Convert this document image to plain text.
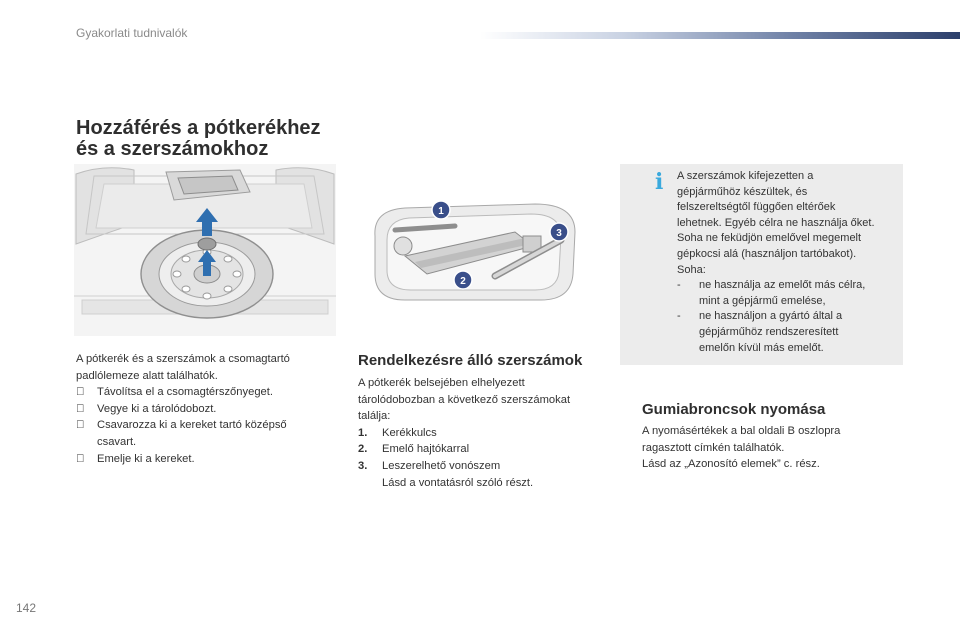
Gyakorlati tudnivalók
Hozzáférés a pótkerékhez
és a szerszámokhoz
1
2
3
A pótkerék és a szerszámok a csomagtartó
padlólemeze alatt találhatók.
Távolítsa el a csomagtérszőnyeget.
Vegye ki a tárolódobozt.
Csavarozza ki a kereket tartó középső
csavart.
Emelje ki a kereket.
Rendelkezésre álló szerszámok
A pótkerék belsejében elhelyezett
tárolódobozban a következő szerszámokat
találja:
1.	Kerékkulcs
2.	Emelő hajtókarral
3.	Leszerelhető vonószem
Lásd a vontatásról szóló részt.
i A szerszámok kifejezetten a
gépjárműhöz készültek, és
felszereltségtől függően eltérőek
lehetnek. Egyéb célra ne használja őket.
Soha ne feküdjön emelővel megemelt
gépkocsi alá (használjon tartóbakot).
Soha:
-	ne használja az emelőt más célra,
mint a gépjármű emelése,
-	ne használjon a gyártó által a
gépjárműhöz rendszeresített
emelőn kívül más emelőt.
Gumiabroncsok nyomása
A nyomásértékek a bal oldali B oszlopra
ragasztott címkén találhatók.
Lásd az „Azonosító elemek” c. rész.
142
